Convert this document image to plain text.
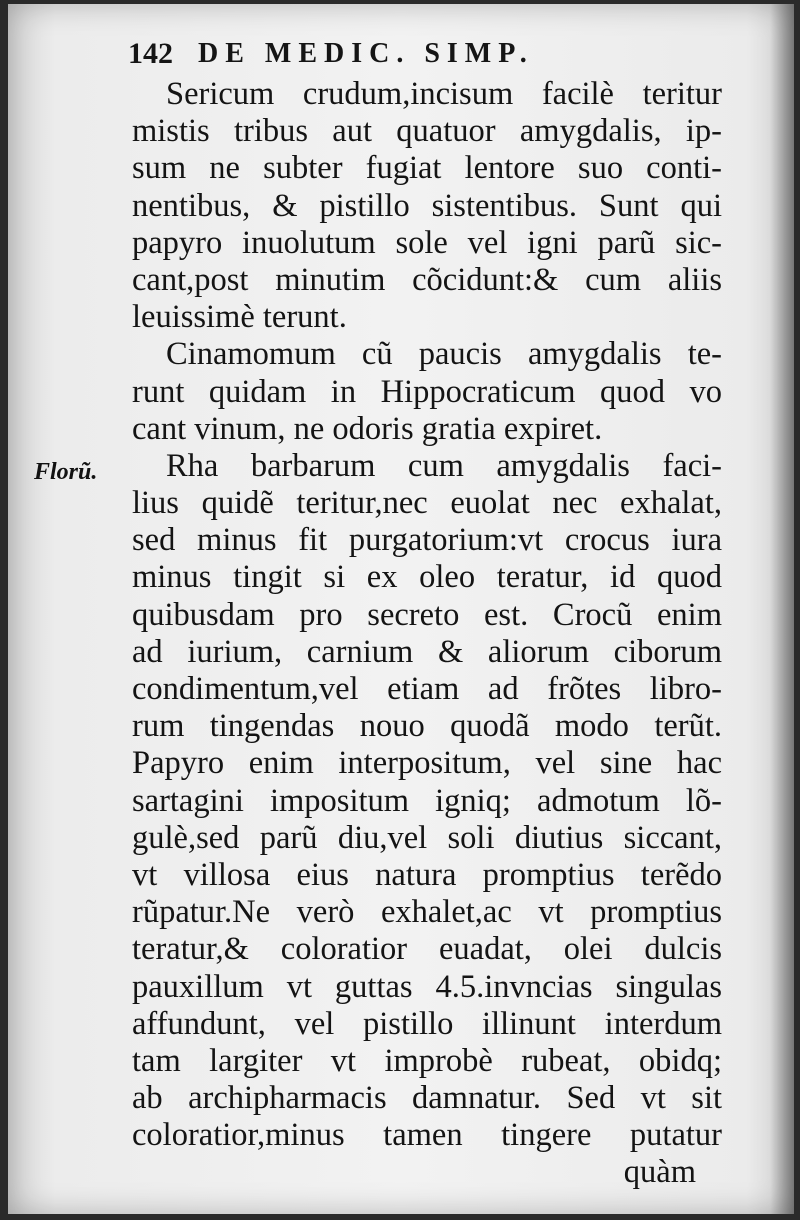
142 DE MEDIC. SIMP.
Florũ.
Sericum crudum,incisum facilè teritur
mistis tribus aut quatuor amygdalis, ip-
sum ne subter fugiat lentore suo conti-
nentibus, & pistillo sistentibus. Sunt qui
papyro inuolutum sole vel igni parũ sic-
cant,post minutim cõcidunt:& cum aliis
leuissimè terunt.
Cinamomum cũ paucis amygdalis te-
runt quidam in Hippocraticum quod vo
cant vinum, ne odoris gratia expiret.
Rha barbarum cum amygdalis faci-
lius quidẽ teritur,nec euolat nec exhalat,
sed minus fit purgatorium:vt crocus iura
minus tingit si ex oleo teratur, id quod
quibusdam pro secreto est. Crocũ enim
ad iurium, carnium & aliorum ciborum
condimentum,vel etiam ad frõtes libro-
rum tingendas nouo quodã modo terũt.
Papyro enim interpositum, vel sine hac
sartagini impositum igniq; admotum lõ-
gulè,sed parũ diu,vel soli diutius siccant,
vt villosa eius natura promptius terẽdo
rũpatur.Ne verò exhalet,ac vt promptius
teratur,& coloratior euadat, olei dulcis
pauxillum vt guttas 4.5.invncias singulas
affundunt, vel pistillo illinunt interdum
tam largiter vt improbè rubeat, obidq;
ab archipharmacis damnatur. Sed vt sit
coloratior,minus tamen tingere putatur
quàm
